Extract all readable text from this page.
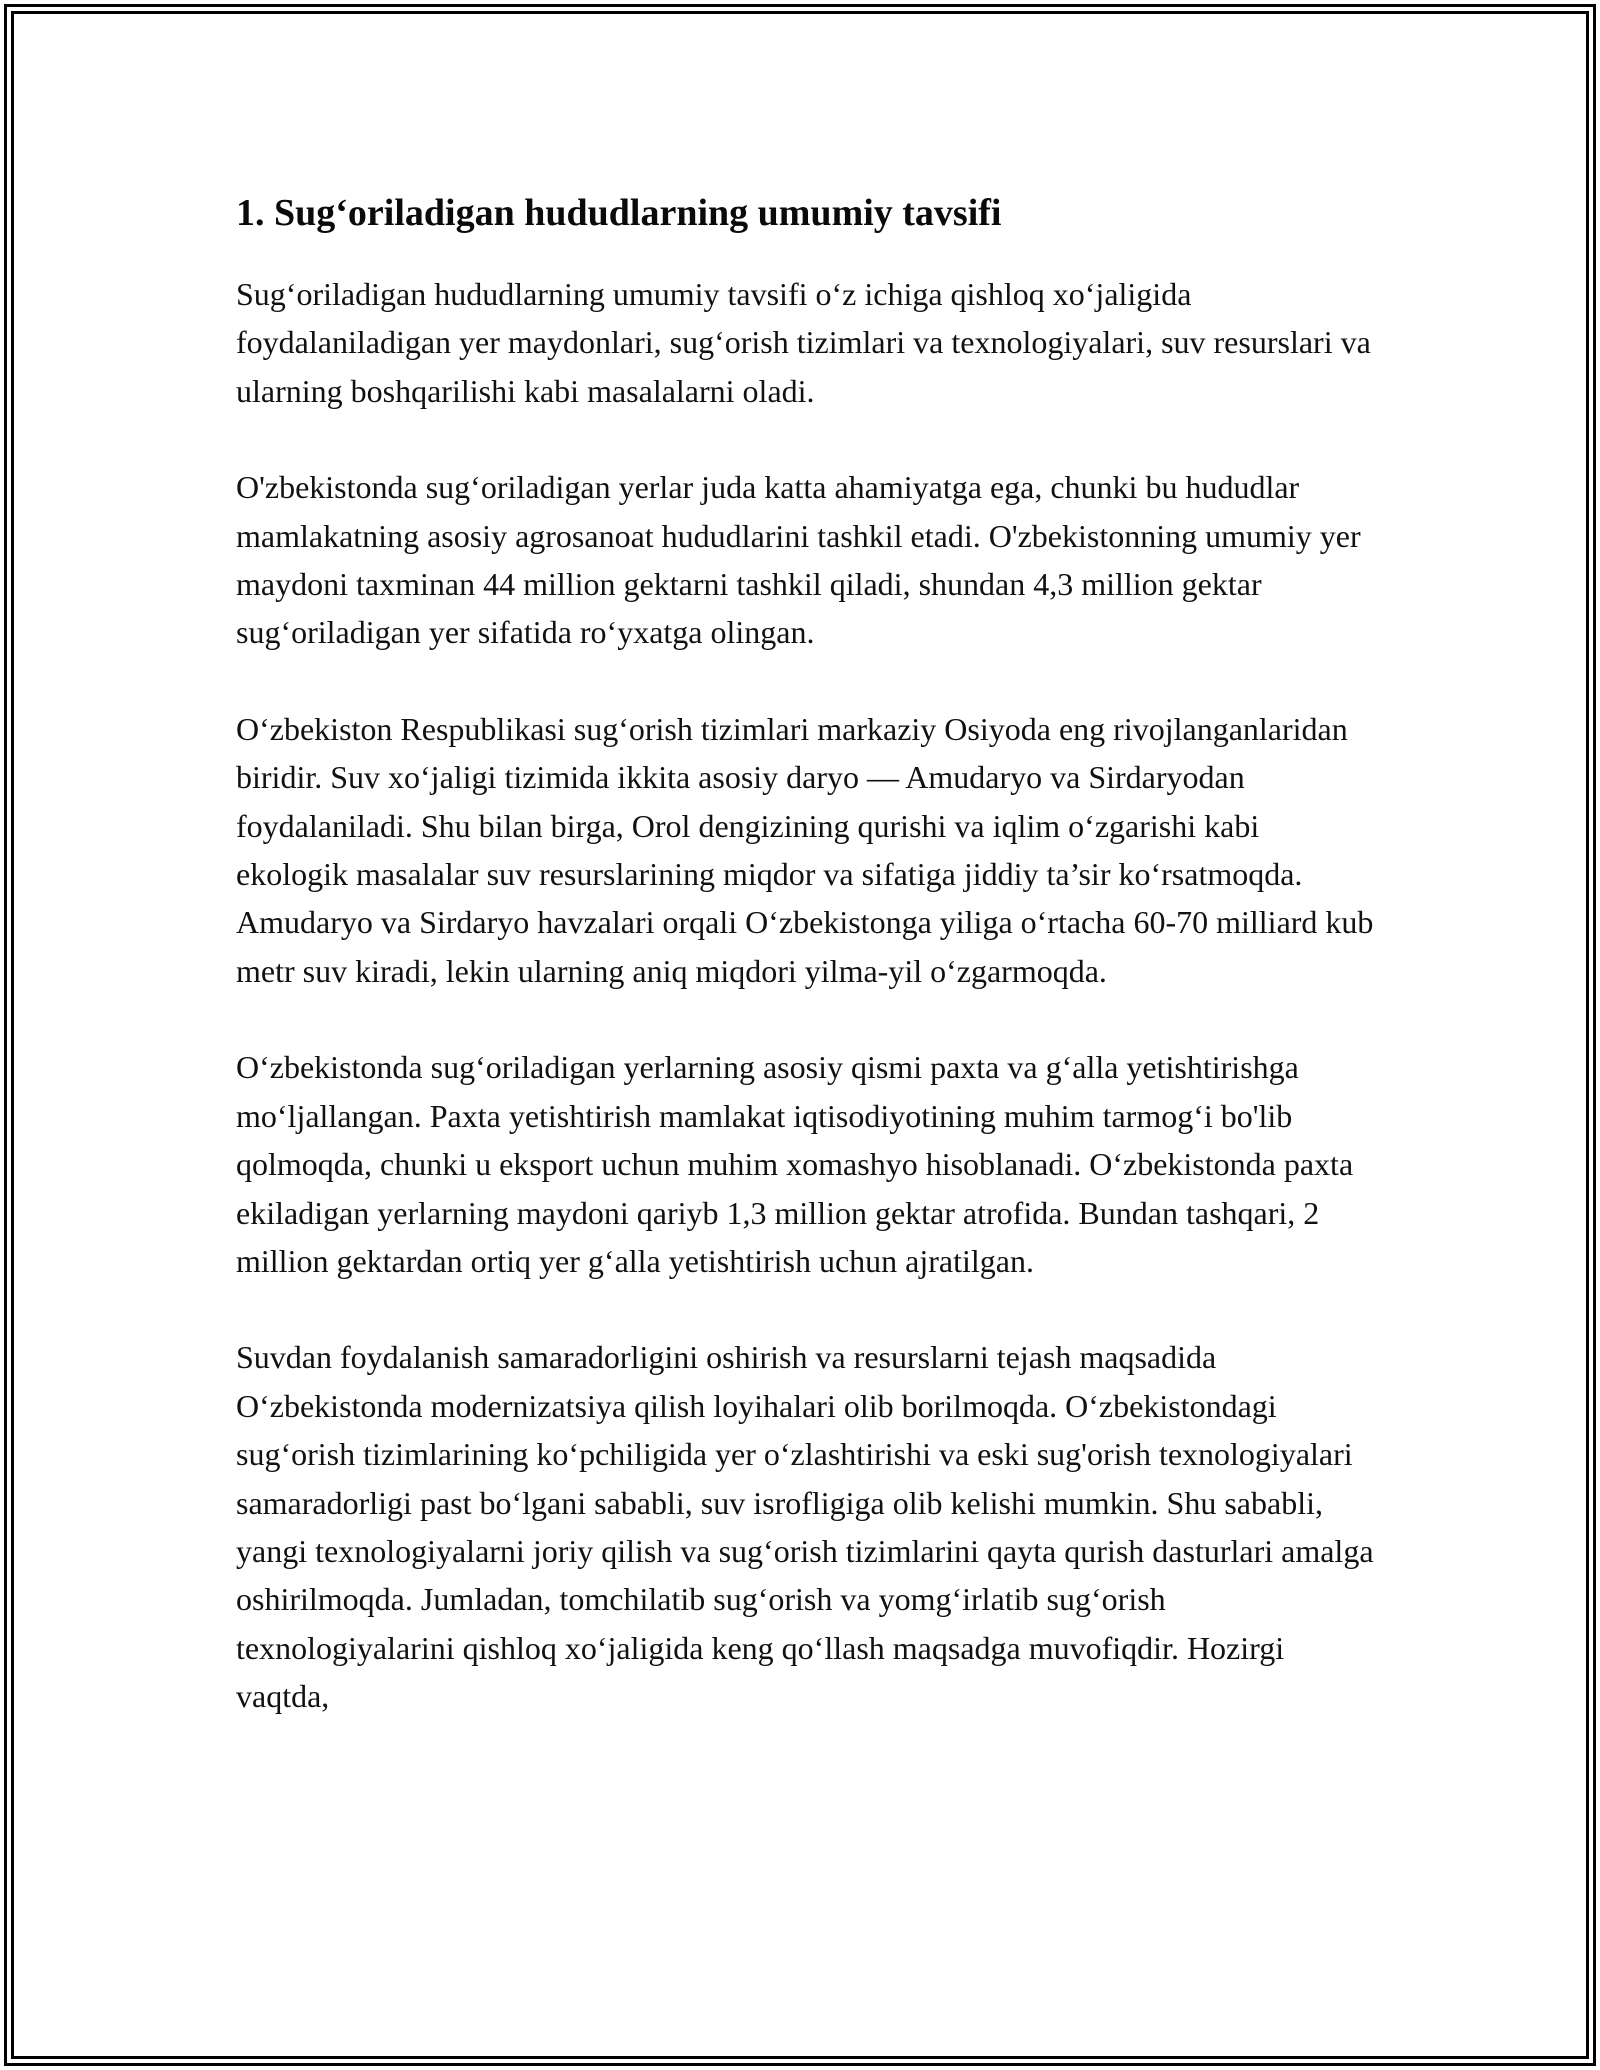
1. Sug‘oriladigan hududlarning umumiy tavsifi

Sug‘oriladigan hududlarning umumiy tavsifi o‘z ichiga qishloq xo‘jaligida foydalaniladigan yer maydonlari, sug‘orish tizimlari va texnologiyalari, suv resurslari va ularning boshqarilishi kabi masalalarni oladi.

O'zbekistonda sug‘oriladigan yerlar juda katta ahamiyatga ega, chunki bu hududlar mamlakatning asosiy agrosanoat hududlarini tashkil etadi. O'zbekistonning umumiy yer maydoni taxminan 44 million gektarni tashkil qiladi, shundan 4,3 million gektar sug‘oriladigan yer sifatida ro‘yxatga olingan.

O‘zbekiston Respublikasi sug‘orish tizimlari markaziy Osiyoda eng rivojlanganlaridan biridir. Suv xo‘jaligi tizimida ikkita asosiy daryo — Amudaryo va Sirdaryodan foydalaniladi. Shu bilan birga, Orol dengizining qurishi va iqlim o‘zgarishi kabi ekologik masalalar suv resurslarining miqdor va sifatiga jiddiy ta’sir ko‘rsatmoqda. Amudaryo va Sirdaryo havzalari orqali O‘zbekistonga yiliga o‘rtacha 60-70 milliard kub metr suv kiradi, lekin ularning aniq miqdori yilma-yil o‘zgarmoqda.

O‘zbekistonda sug‘oriladigan yerlarning asosiy qismi paxta va g‘alla yetishtirishga mo‘ljallangan. Paxta yetishtirish mamlakat iqtisodiyotining muhim tarmog‘i bo'lib qolmoqda, chunki u eksport uchun muhim xomashyo hisoblanadi. O‘zbekistonda paxta ekiladigan yerlarning maydoni qariyb 1,3 million gektar atrofida. Bundan tashqari, 2 million gektardan ortiq yer g‘alla yetishtirish uchun ajratilgan.

Suvdan foydalanish samaradorligini oshirish va resurslarni tejash maqsadida O‘zbekistonda modernizatsiya qilish loyihalari olib borilmoqda. O‘zbekistondagi sug‘orish tizimlarining ko‘pchiligida yer o‘zlashtirishi va eski sug'orish texnologiyalari samaradorligi past bo‘lgani sababli, suv isrofligiga olib kelishi mumkin. Shu sababli, yangi texnologiyalarni joriy qilish va sug‘orish tizimlarini qayta qurish dasturlari amalga oshirilmoqda. Jumladan, tomchilatib sug‘orish va yomg‘irlatib sug‘orish texnologiyalarini qishloq xo‘jaligida keng qo‘llash maqsadga muvofiqdir. Hozirgi vaqtda,
